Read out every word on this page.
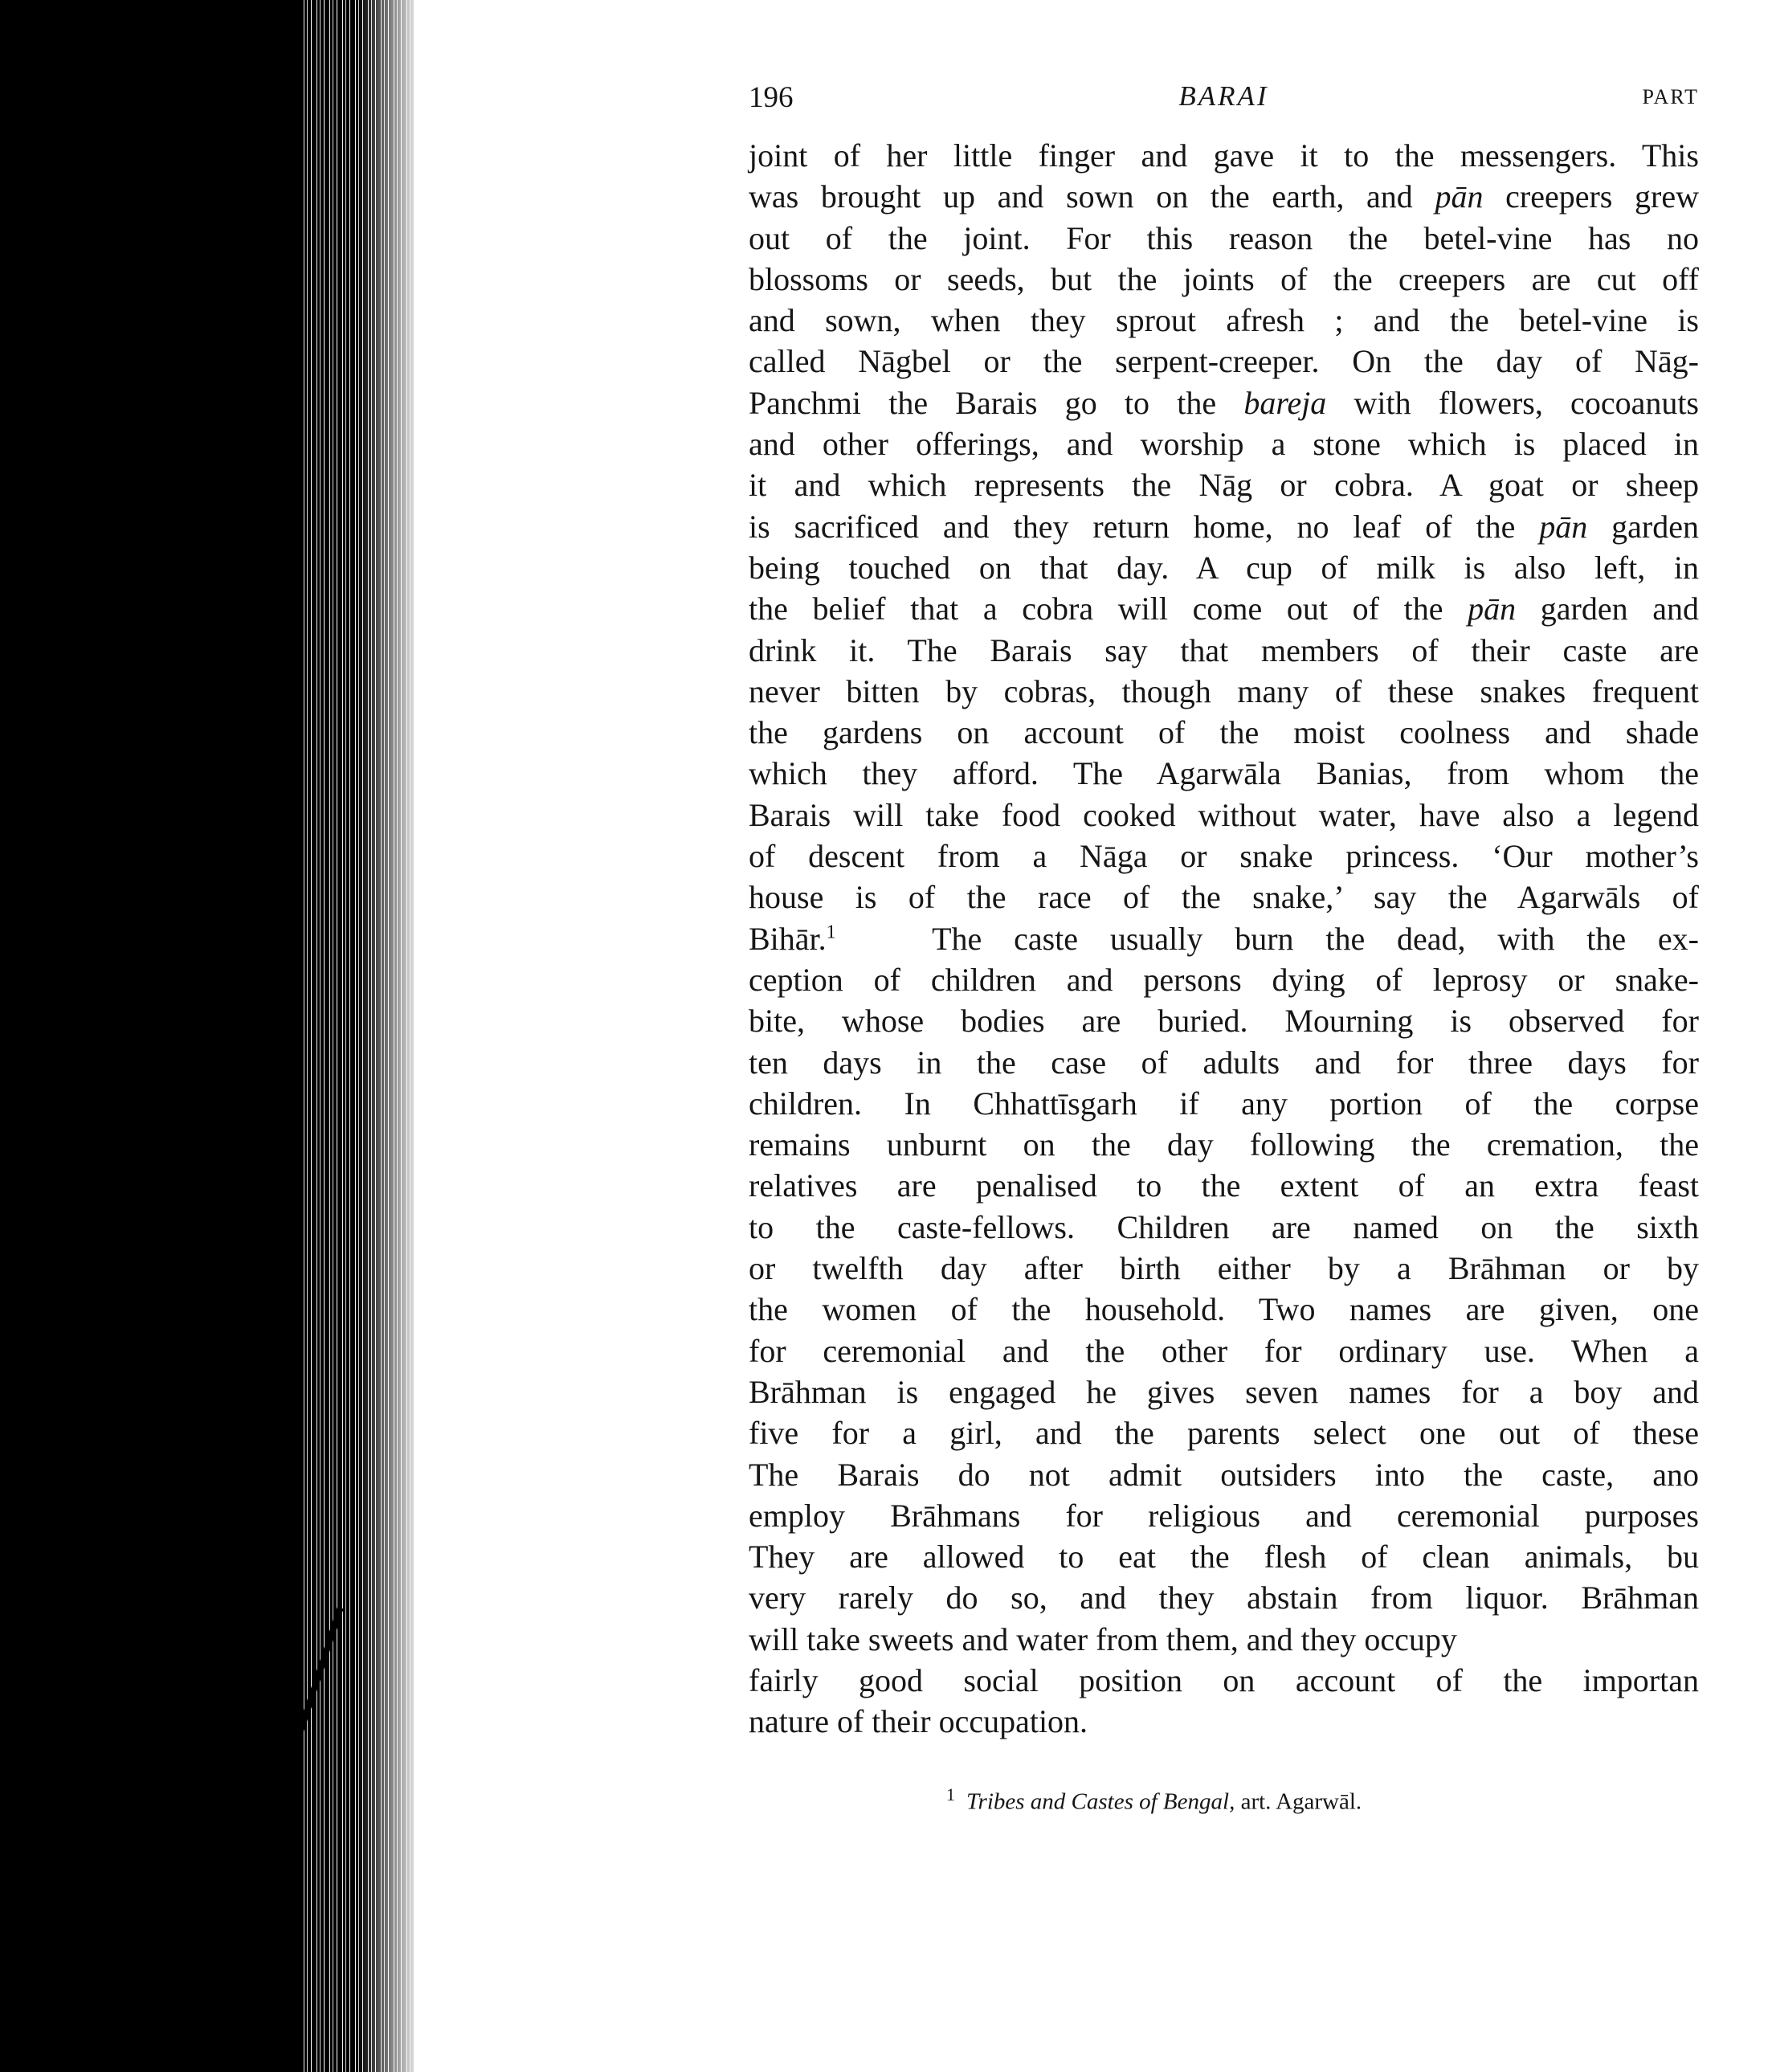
196	BARAI	PART
joint of her little finger and gave it to the messengers. This
was brought up and sown on the earth, and pān creepers grew
out of the joint. For this reason the betel-vine has no
blossoms or seeds, but the joints of the creepers are cut off
and sown, when they sprout afresh ; and the betel-vine is
called Nāgbel or the serpent-creeper. On the day of Nāg-
Panchmi the Barais go to the bareja with flowers, cocoanuts
and other offerings, and worship a stone which is placed in
it and which represents the Nāg or cobra. A goat or sheep
is sacrificed and they return home, no leaf of the pān garden
being touched on that day. A cup of milk is also left, in
the belief that a cobra will come out of the pān garden and
drink it. The Barais say that members of their caste are
never bitten by cobras, though many of these snakes frequent
the gardens on account of the moist coolness and shade
which they afford. The Agarwāla Banias, from whom the
Barais will take food cooked without water, have also a legend
of descent from a Nāga or snake princess. ‘Our mother’s
house is of the race of the snake,’ say the Agarwāls of
Bihār.$^1$	The caste usually burn the dead, with the ex-
ception of children and persons dying of leprosy or snake-
bite, whose bodies are buried. Mourning is observed for
ten days in the case of adults and for three days for
children. In Chhattīsgarh if any portion of the corpse
remains unburnt on the day following the cremation, the
relatives are penalised to the extent of an extra feast
to the caste-fellows. Children are named on the sixth
or twelfth day after birth either by a Brāhman or by
the women of the household. Two names are given, one
for ceremonial and the other for ordinary use. When a
Brāhman is engaged he gives seven names for a boy and
five for a girl, and the parents select one out of these
The Barais do not admit outsiders into the caste, ano
employ Brāhmans for religious and ceremonial purposes
They are allowed to eat the flesh of clean animals, bu
very rarely do so, and they abstain from liquor. Brāhman
will take sweets and water from them, and they occupy
fairly good social position on account of the importan
nature of their occupation.
$^1$ Tribes and Castes of Bengal, art. Agarwāl.
